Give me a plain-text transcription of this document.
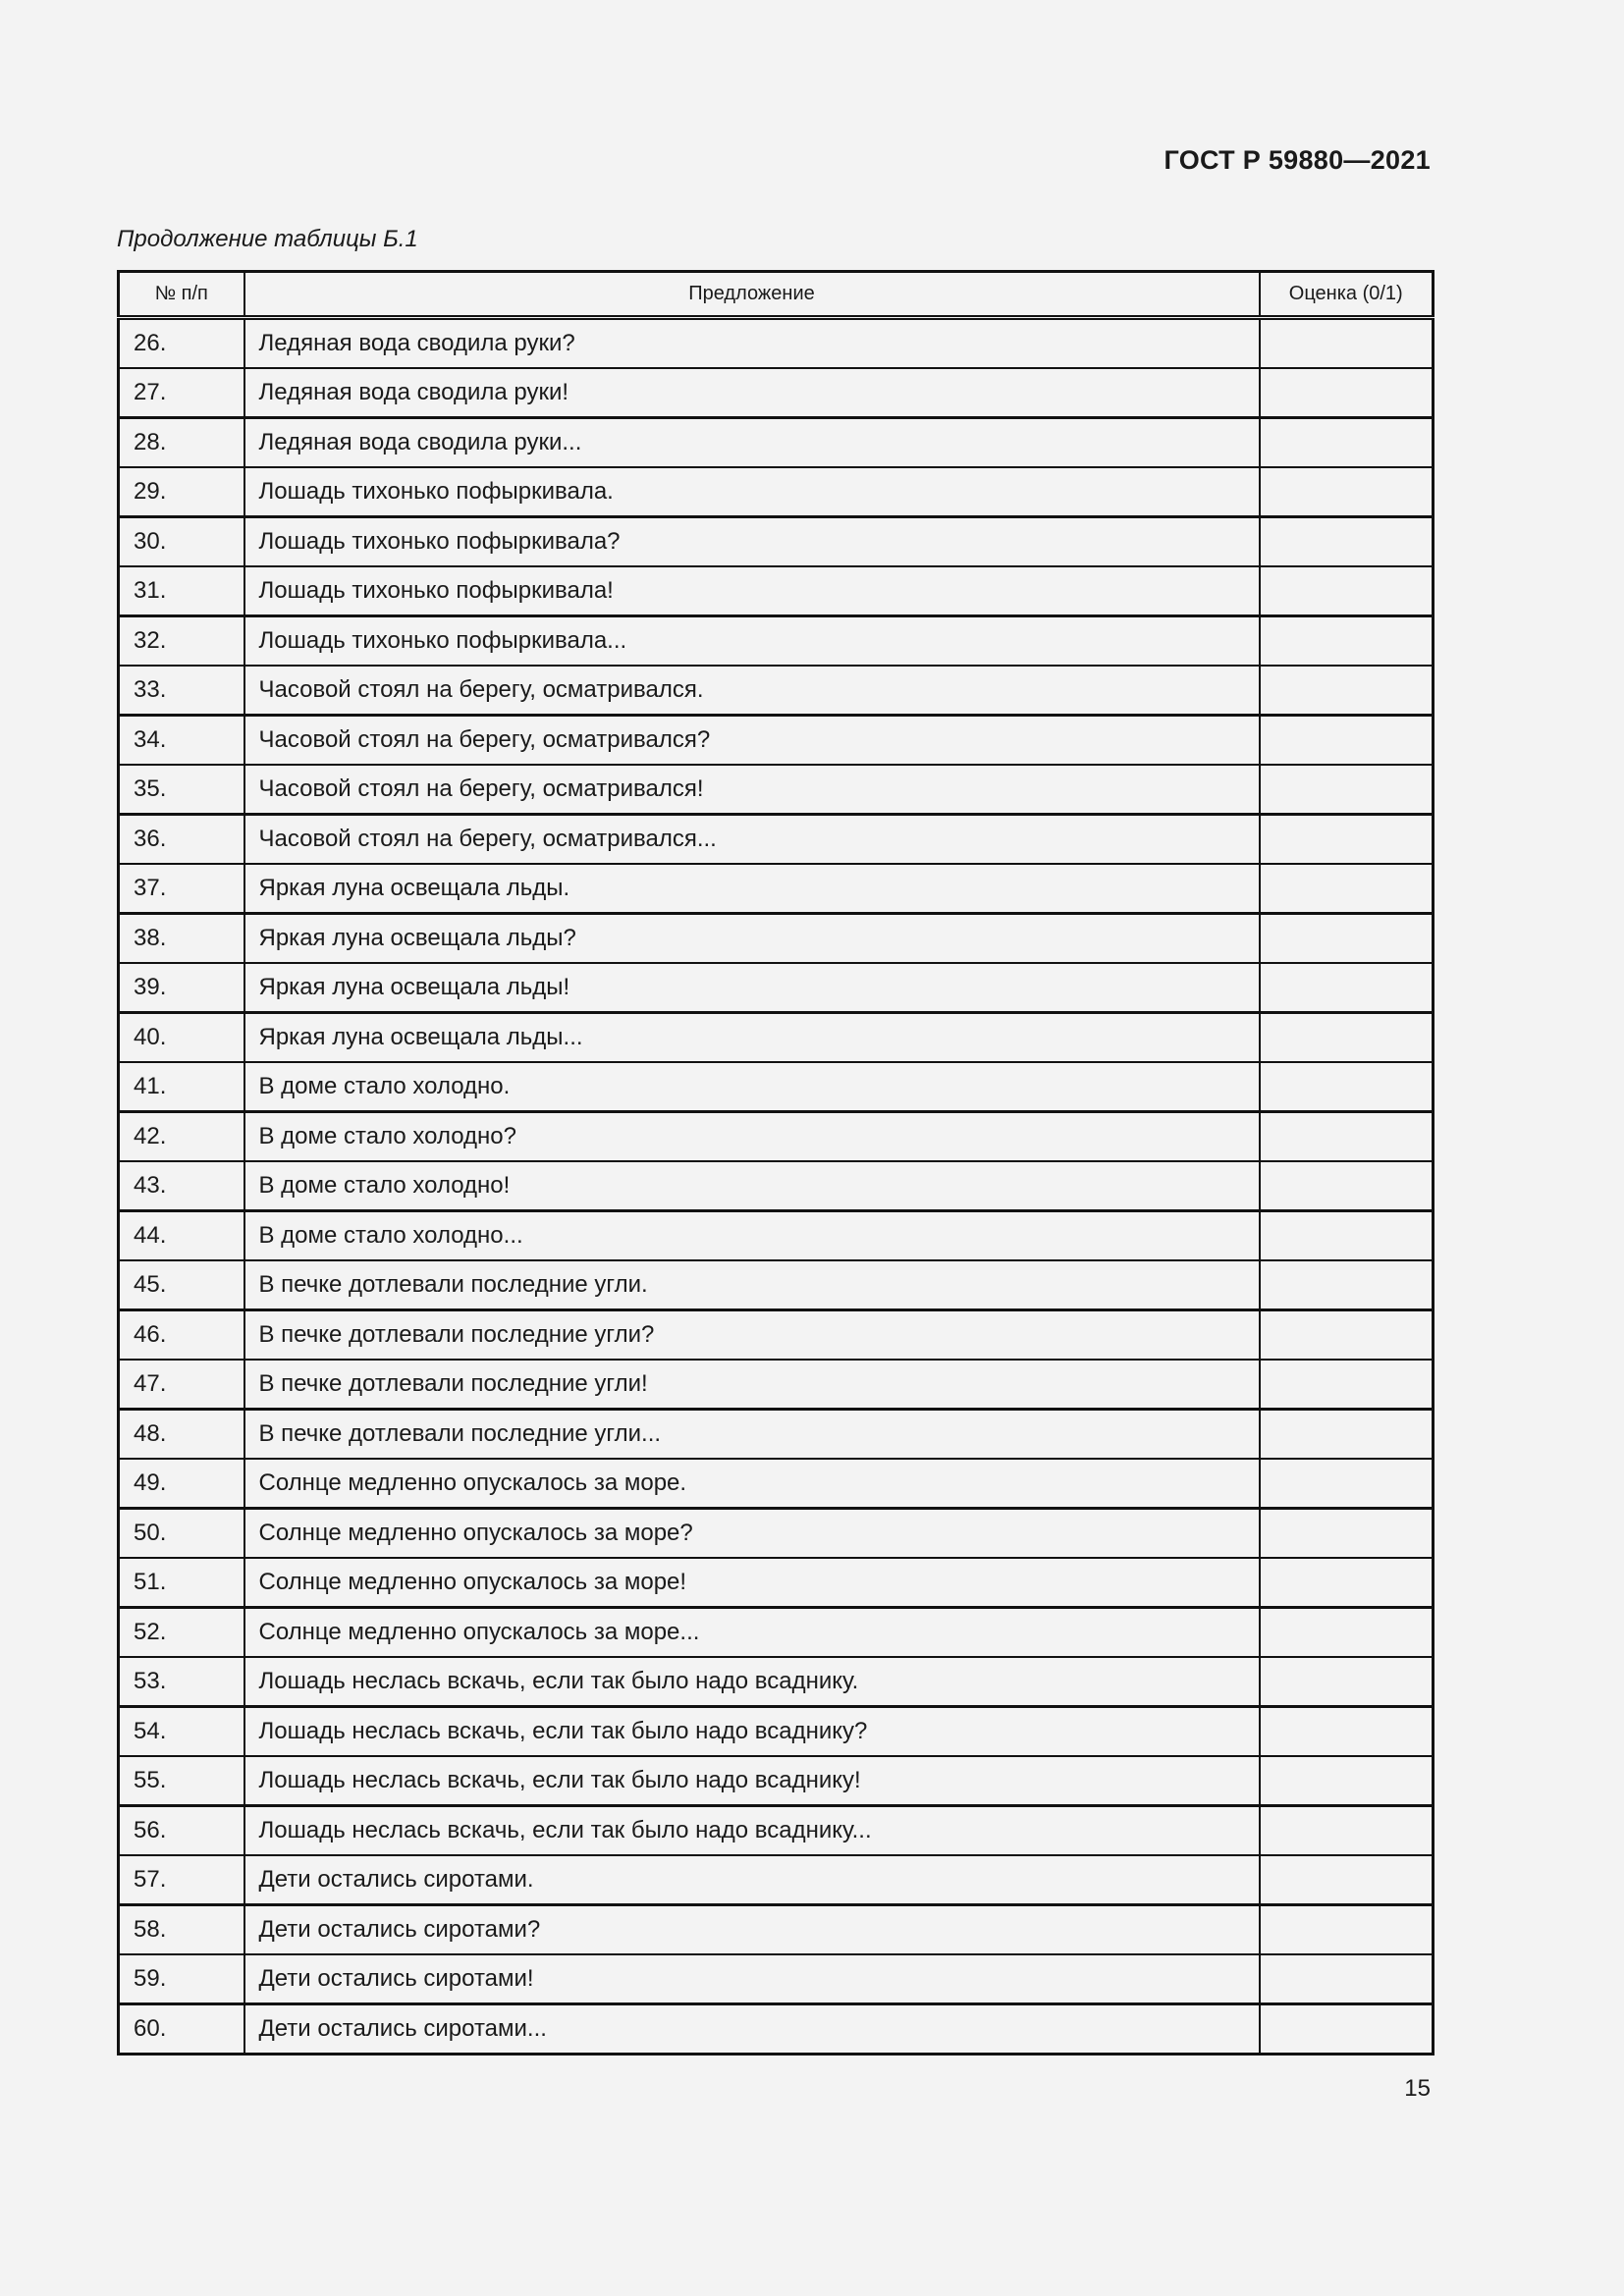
ГОСТ Р 59880—2021
Продолжение таблицы Б.1
№ п/п	Предложение	Оценка (0/1)
26.	Ледяная вода сводила руки?	
27.	Ледяная вода сводила руки!	
28.	Ледяная вода сводила руки...	
29.	Лошадь тихонько пофыркивала.	
30.	Лошадь тихонько пофыркивала?	
31.	Лошадь тихонько пофыркивала!	
32.	Лошадь тихонько пофыркивала...	
33.	Часовой стоял на берегу, осматривался.	
34.	Часовой стоял на берегу, осматривался?	
35.	Часовой стоял на берегу, осматривался!	
36.	Часовой стоял на берегу, осматривался...	
37.	Яркая луна освещала льды.	
38.	Яркая луна освещала льды?	
39.	Яркая луна освещала льды!	
40.	Яркая луна освещала льды...	
41.	В доме стало холодно.	
42.	В доме стало холодно?	
43.	В доме стало холодно!	
44.	В доме стало холодно...	
45.	В печке дотлевали последние угли.	
46.	В печке дотлевали последние угли?	
47.	В печке дотлевали последние угли!	
48.	В печке дотлевали последние угли...	
49.	Солнце медленно опускалось за море.	
50.	Солнце медленно опускалось за море?	
51.	Солнце медленно опускалось за море!	
52.	Солнце медленно опускалось за море...	
53.	Лошадь неслась вскачь, если так было надо всаднику.	
54.	Лошадь неслась вскачь, если так было надо всаднику?	
55.	Лошадь неслась вскачь, если так было надо всаднику!	
56.	Лошадь неслась вскачь, если так было надо всаднику...	
57.	Дети остались сиротами.	
58.	Дети остались сиротами?	
59.	Дети остались сиротами!	
60.	Дети остались сиротами...	
15
